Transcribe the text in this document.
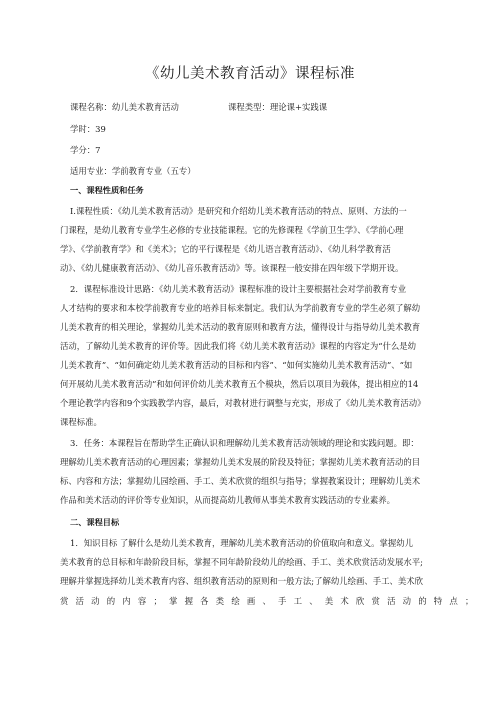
《幼儿美术教育活动》课程标准
课程名称：幼儿美术教育活动	课程类型：理论课+实践课
学时：39
学分：7
适用专业：学前教育专业（五专）
一、课程性质和任务
I.课程性质：《幼儿美术教育活动》是研究和介绍幼儿美术教育活动的特点、原则、方法的一
门课程，是幼儿教育专业学生必修的专业技能课程。它的先修课程《学前卫生学》、《学前心理
学》、《学前教育学》和《美术》；它的平行课程是《幼儿语言教育活动》、《幼儿科学教育活
动》、《幼儿健康教育活动》、《幼儿音乐教育活动》等。该课程一般安排在四年级下学期开设。
2．课程标准设计思路：《幼儿美术教育活动》课程标准的设计主要根据社会对学前教育专业
人才结构的要求和本校学前教育专业的培养目标来制定。我们认为学前教育专业的学生必须了解幼
儿美术教育的相关理论，掌握幼儿美术活动的教育原则和教育方法，懂得设计与指导幼儿美术教育
活动，了解幼儿美术教育的评价等。因此我们将《幼儿美术教育活动》课程的内容定为“什么是幼
儿美术教育”、“如何确定幼儿美术教育活动的目标和内容”、“如何实施幼儿美术教育活动”、“如
何开展幼儿美术教育活动”和如何评价幼儿美术教育五个模块，然后以项目为载体，提出相应的14
个理论教学内容和9个实践教学内容，最后，对教材进行调整与充实，形成了《幼儿美术教育活动》
课程标准。
3．任务：本课程旨在帮助学生正确认识和理解幼儿美术教育活动领域的理论和实践问题。即：
理解幼儿美术教育活动的心理因素；掌握幼儿美术发展的阶段及特征；掌握幼儿美术教育活动的目
标、内容和方法；掌握幼儿园绘画、手工、美术欣赏的组织与指导；掌握教案设计；理解幼儿美术
作品和美术活动的评价等专业知识，从而提高幼儿教师从事美术教育实践活动的专业素养。
二、课程目标
1．知识目标 了解什么是幼儿美术教育，理解幼儿美术教育活动的价值取向和意义。掌握幼儿
美术教育的总目标和年龄阶段目标，掌握不同年龄阶段幼儿的绘画、手工、美术欣赏活动发展水平;
理解并掌握选择幼儿美术教育内容、组织教育活动的原则和一般方法;了解幼儿绘画、手工、美术欣
赏活动的内容；掌握各类绘画、手工、美术欣赏活动的特点；
